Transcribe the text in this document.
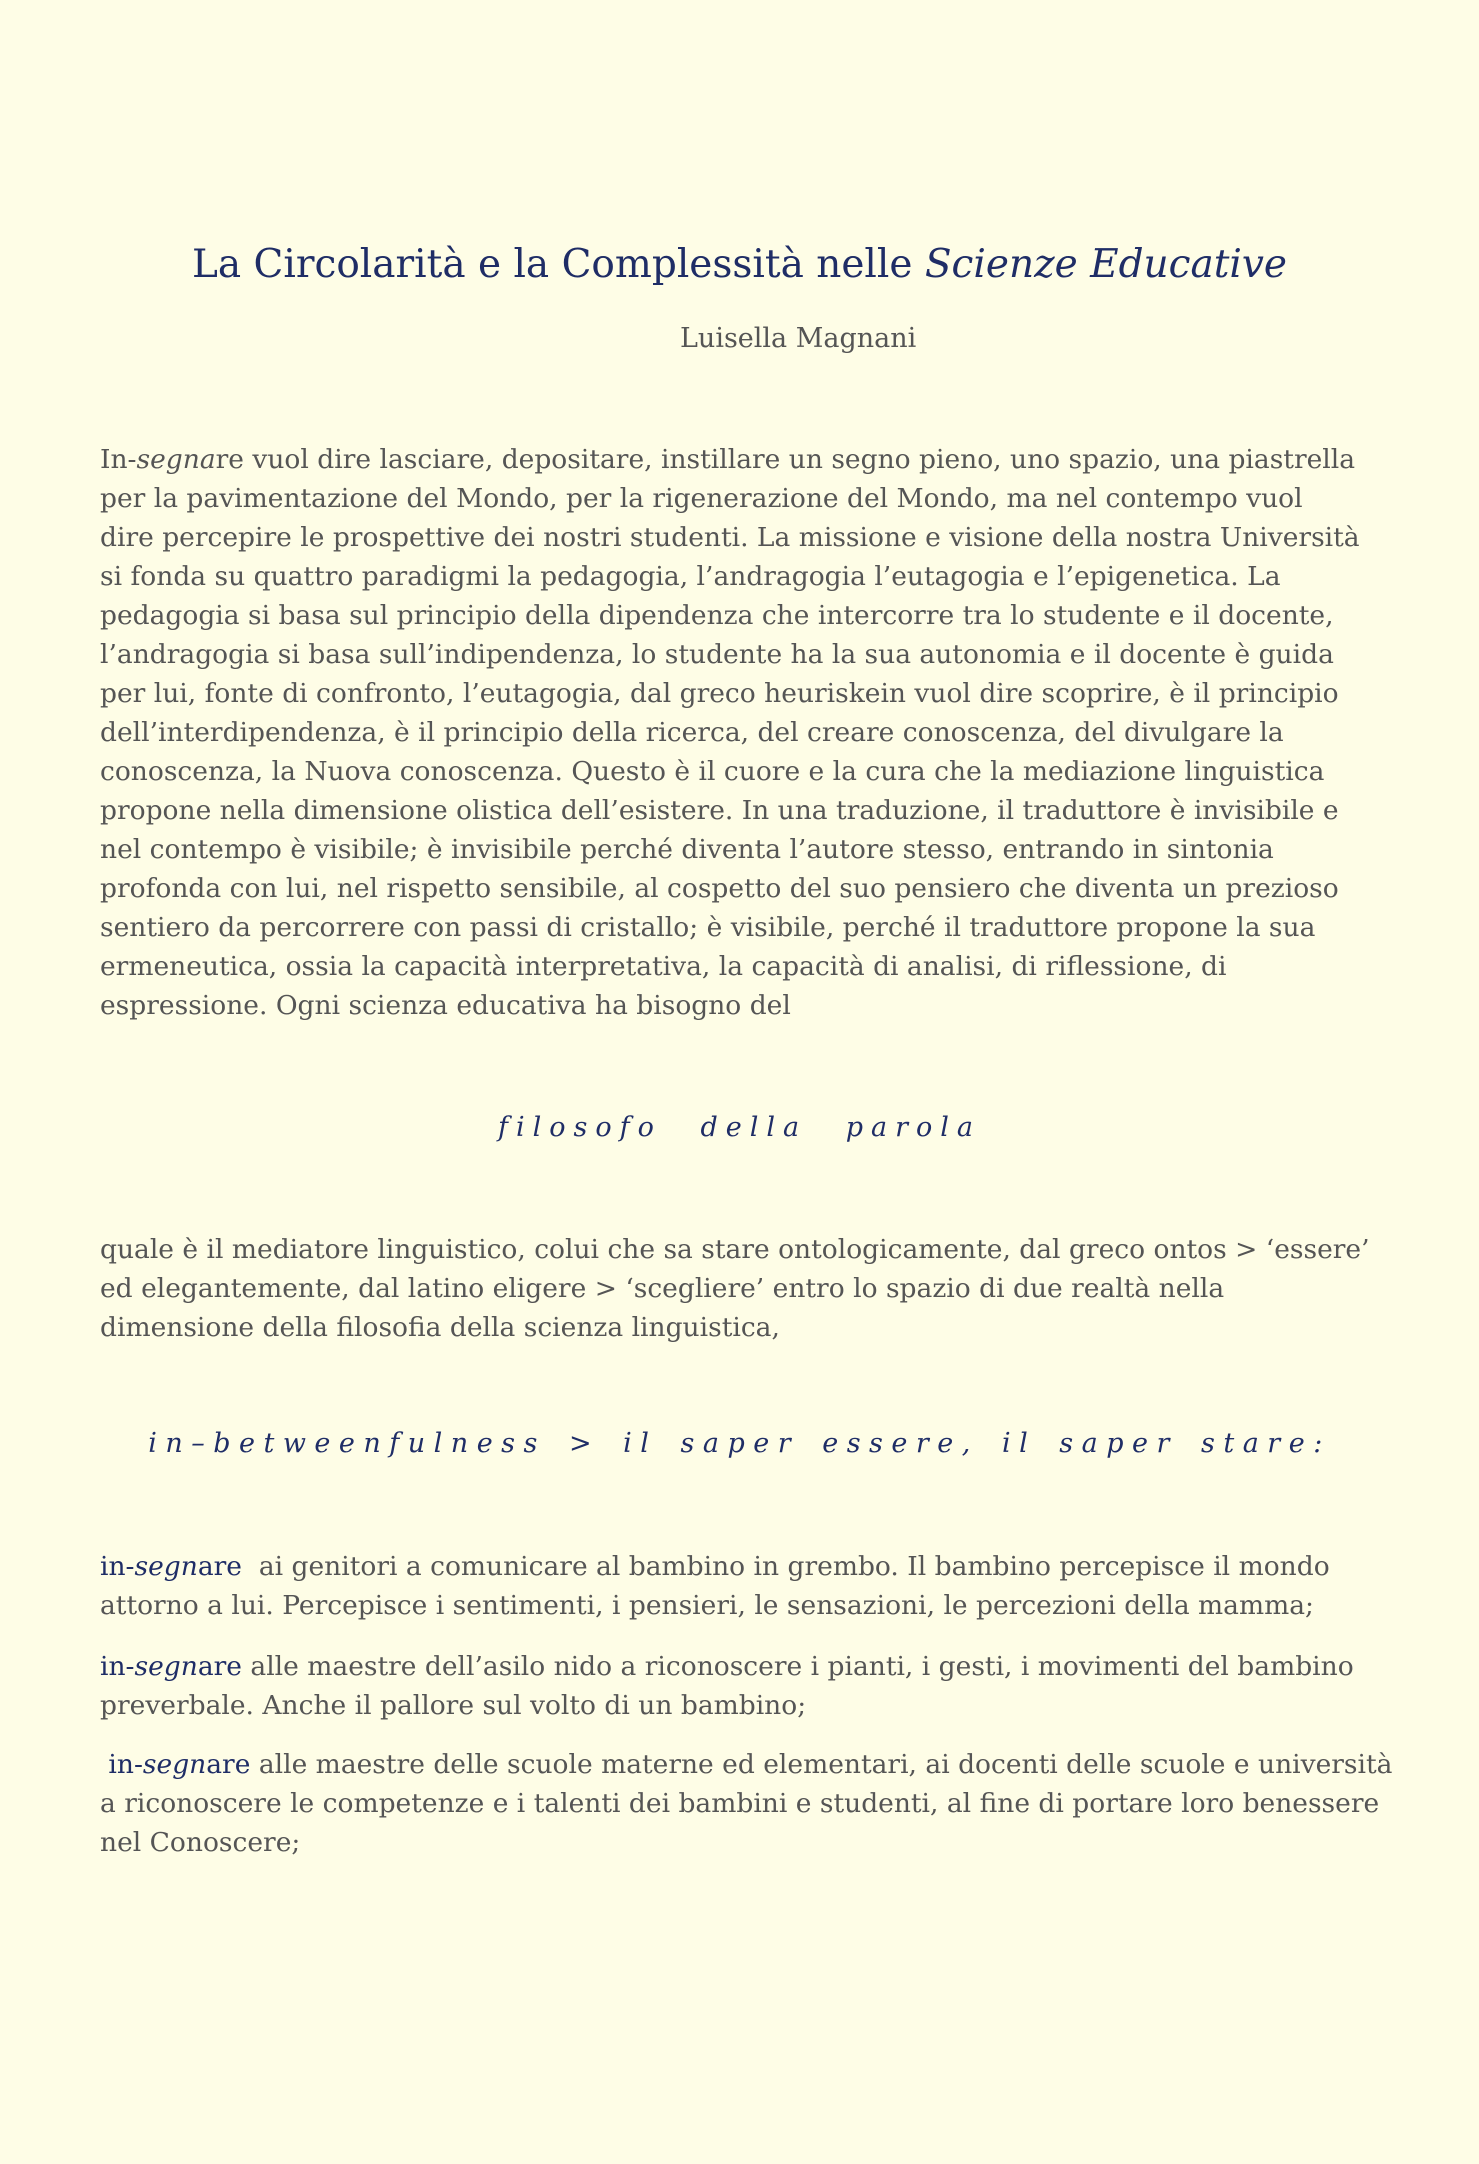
La Circolarità e la Complessità nelle Scienze Educative
Luisella Magnani
In-segnare vuol dire lasciare, depositare, instillare un segno pieno, uno spazio, una piastrella
per la pavimentazione del Mondo, per la rigenerazione del Mondo, ma nel contempo vuol
dire percepire le prospettive dei nostri studenti. La missione e visione della nostra Università
si fonda su quattro paradigmi la pedagogia, l’andragogia l’eutagogia e l’epigenetica. La
pedagogia si basa sul principio della dipendenza che intercorre tra lo studente e il docente,
l’andragogia si basa sull’indipendenza, lo studente ha la sua autonomia e il docente è guida
per lui, fonte di confronto, l’eutagogia, dal greco heuriskein vuol dire scoprire, è il principio
dell’interdipendenza, è il principio della ricerca, del creare conoscenza, del divulgare la
conoscenza, la Nuova conoscenza. Questo è il cuore e la cura che la mediazione linguistica
propone nella dimensione olistica dell’esistere. In una traduzione, il traduttore è invisibile e
nel contempo è visibile; è invisibile perché diventa l’autore stesso, entrando in sintonia
profonda con lui, nel rispetto sensibile, al cospetto del suo pensiero che diventa un prezioso
sentiero da percorrere con passi di cristallo; è visibile, perché il traduttore propone la sua
ermeneutica, ossia la capacità interpretativa, la capacità di analisi, di riflessione, di
espressione. Ogni scienza educativa ha bisogno del
filosofo della parola
quale è il mediatore linguistico, colui che sa stare ontologicamente, dal greco ontos > ‘essere’
ed elegantemente, dal latino eligere > ‘scegliere’ entro lo spazio di due realtà nella
dimensione della filosofia della scienza linguistica,
in–betweenfulness > il saper essere, il saper stare:
in-segnare  ai genitori a comunicare al bambino in grembo. Il bambino percepisce il mondo
attorno a lui. Percepisce i sentimenti, i pensieri, le sensazioni, le percezioni della mamma;
in-segnare alle maestre dell’asilo nido a riconoscere i pianti, i gesti, i movimenti del bambino
preverbale. Anche il pallore sul volto di un bambino;
in-segnare alle maestre delle scuole materne ed elementari, ai docenti delle scuole e università
a riconoscere le competenze e i talenti dei bambini e studenti, al fine di portare loro benessere
nel Conoscere;
